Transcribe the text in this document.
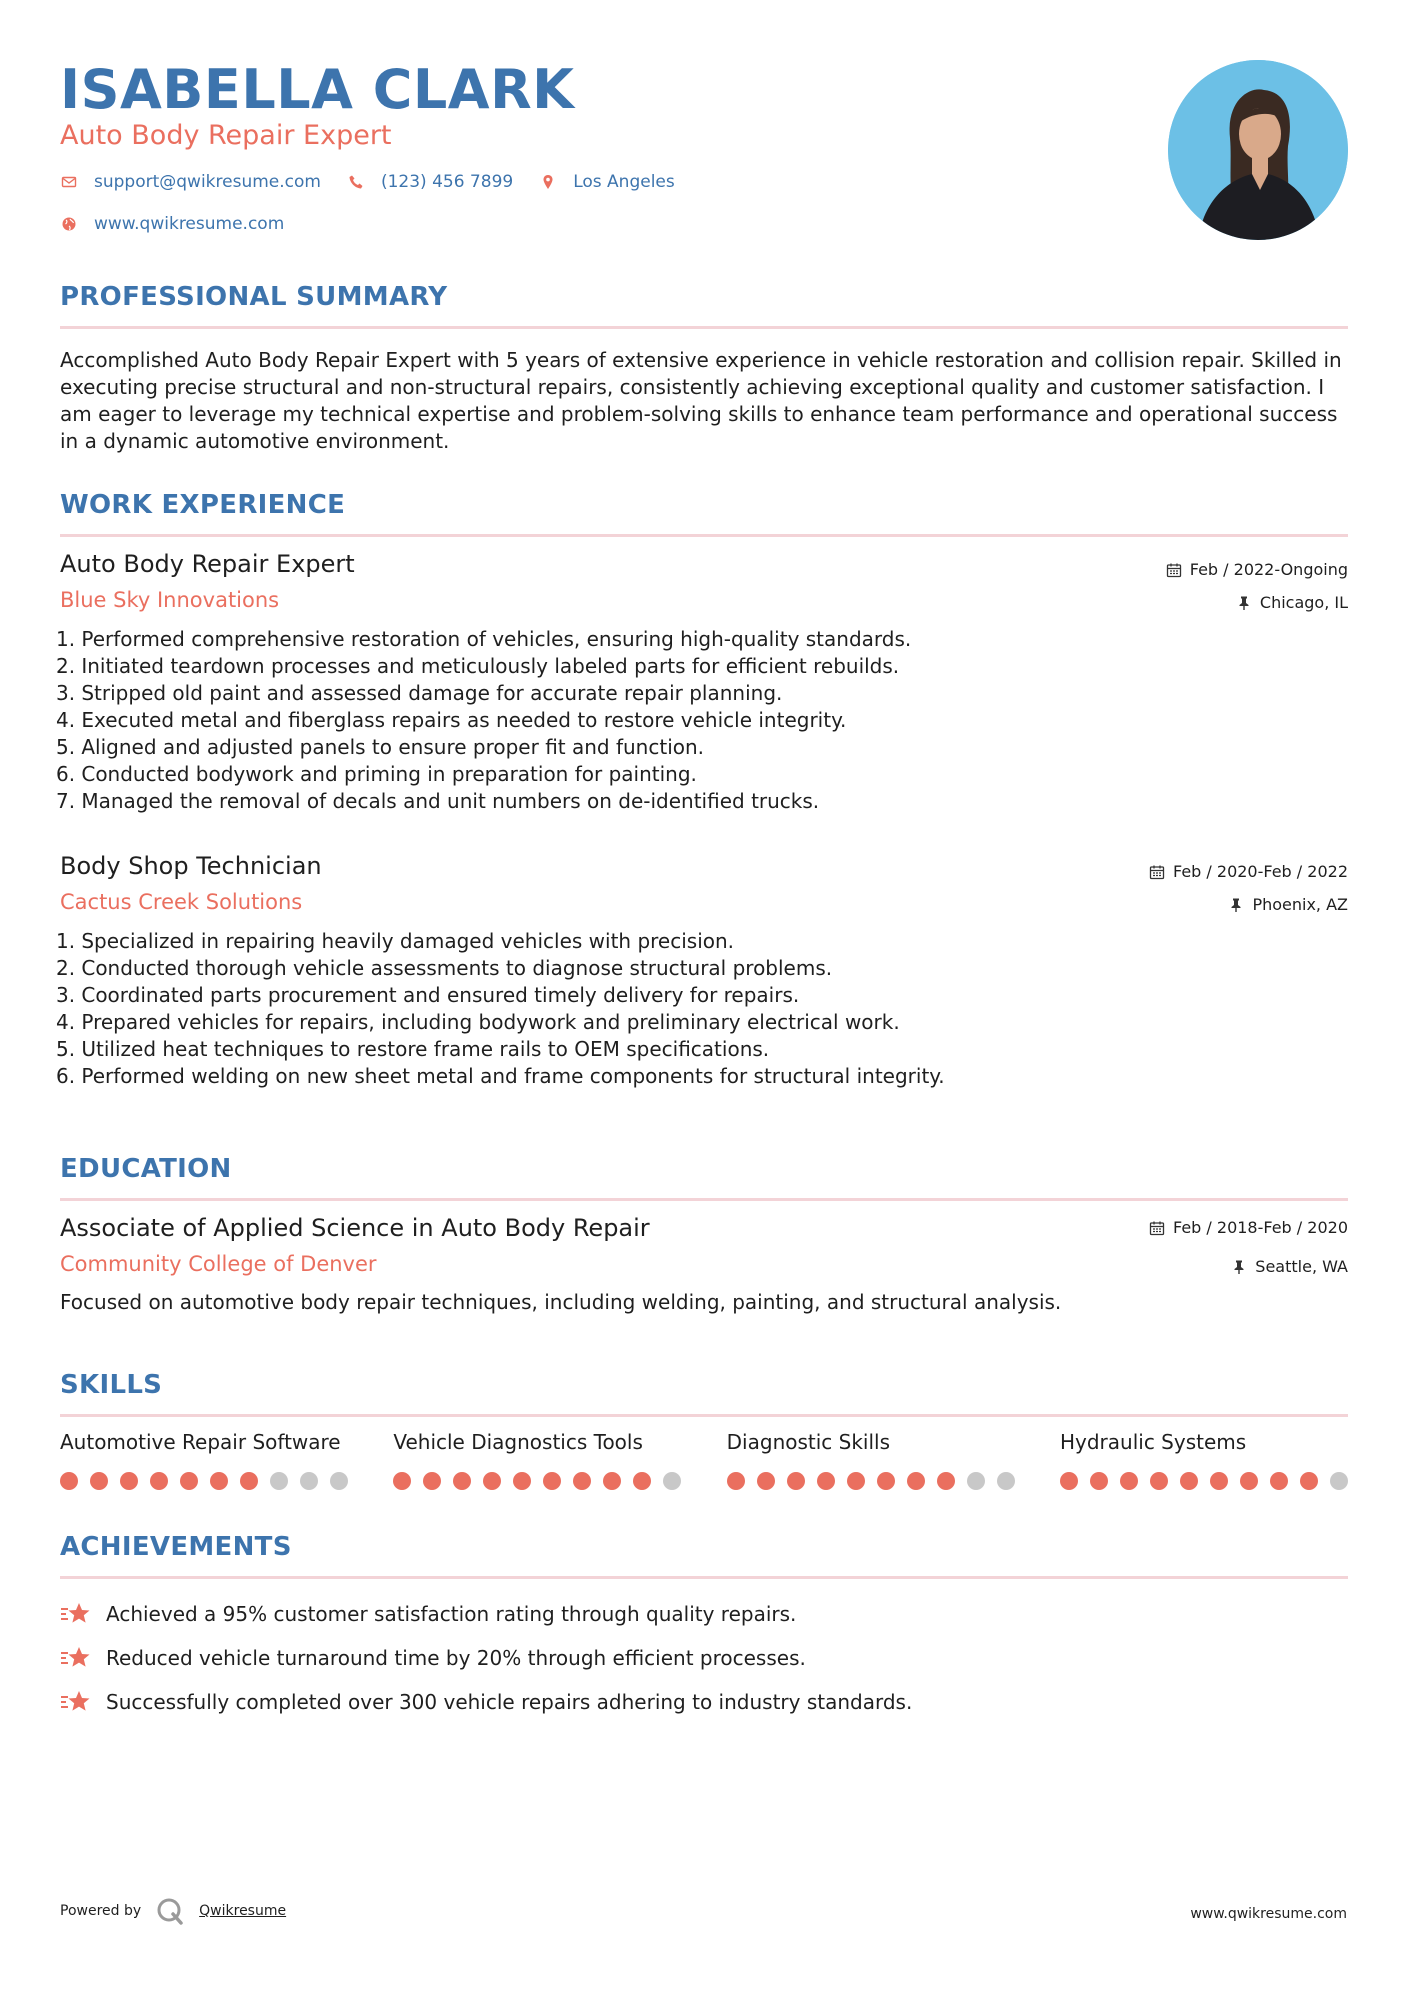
ISABELLA CLARK
Auto Body Repair Expert
support@qwikresume.com	(123) 456 7899	Los Angeles
www.qwikresume.com
PROFESSIONAL SUMMARY
Accomplished Auto Body Repair Expert with 5 years of extensive experience in vehicle restoration and collision repair. Skilled in executing precise structural and non-structural repairs, consistently achieving exceptional quality and customer satisfaction. I am eager to leverage my technical expertise and problem-solving skills to enhance team performance and operational success in a dynamic automotive environment.
WORK EXPERIENCE
Auto Body Repair Expert
Blue Sky Innovations
Feb / 2022-Ongoing
Chicago, IL
1.
Performed comprehensive restoration of vehicles, ensuring high-quality standards.
2.
Initiated teardown processes and meticulously labeled parts for efficient rebuilds.
3.
Stripped old paint and assessed damage for accurate repair planning.
4.
Executed metal and fiberglass repairs as needed to restore vehicle integrity.
5.
Aligned and adjusted panels to ensure proper fit and function.
6.
Conducted bodywork and priming in preparation for painting.
7.
Managed the removal of decals and unit numbers on de-identified trucks.
Body Shop Technician
Cactus Creek Solutions
Feb / 2020-Feb / 2022
Phoenix, AZ
1.
Specialized in repairing heavily damaged vehicles with precision.
2.
Conducted thorough vehicle assessments to diagnose structural problems.
3.
Coordinated parts procurement and ensured timely delivery for repairs.
4.
Prepared vehicles for repairs, including bodywork and preliminary electrical work.
5.
Utilized heat techniques to restore frame rails to OEM specifications.
6.
Performed welding on new sheet metal and frame components for structural integrity.
EDUCATION
Associate of Applied Science in Auto Body Repair
Community College of Denver
Feb / 2018-Feb / 2020
Seattle, WA
Focused on automotive body repair techniques, including welding, painting, and structural analysis.
SKILLS
Automotive Repair Software	Vehicle Diagnostics Tools	Diagnostic Skills	Hydraulic Systems
ACHIEVEMENTS
Achieved a 95% customer satisfaction rating through quality repairs.
Reduced vehicle turnaround time by 20% through efficient processes.
Successfully completed over 300 vehicle repairs adhering to industry standards.
Powered by	Qwikresume	www.qwikresume.com
